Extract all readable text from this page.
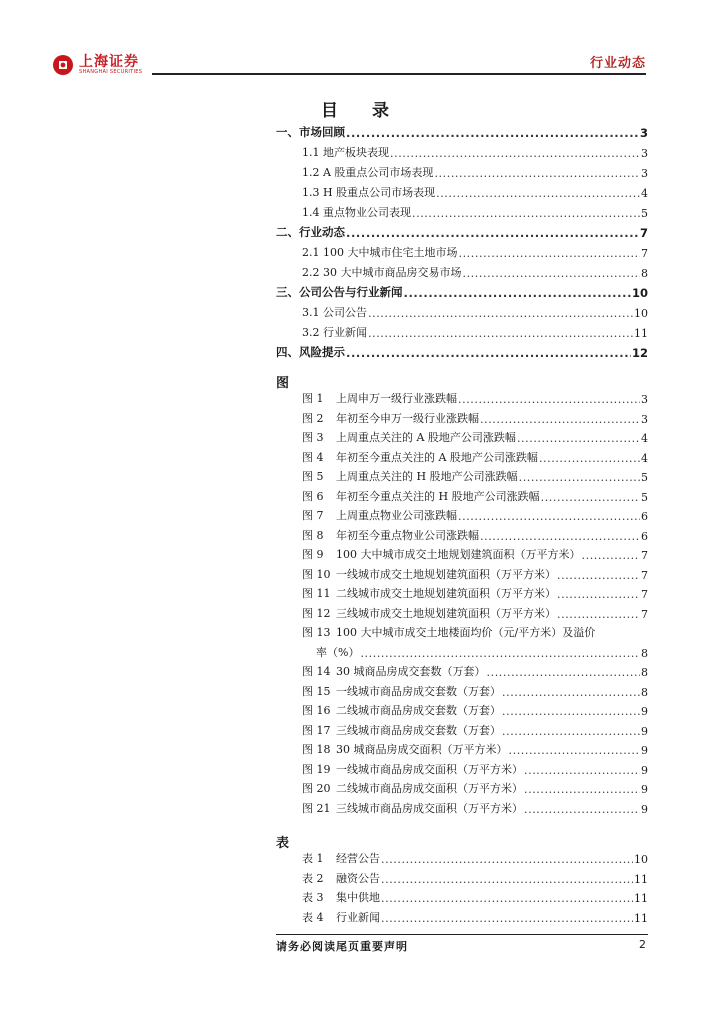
上海证券
SHANGHAI SECURITIES
行业动态
目 录
一、市场回顾 .....	3
1.1 地产板块表现 .....	3
1.2 A 股重点公司市场表现 .....	3
1.3 H 股重点公司市场表现 .....	4
1.4 重点物业公司表现 .....	5
二、行业动态 .....	7
2.1 100 大中城市住宅土地市场 .....	7
2.2 30 大中城市商品房交易市场 .....	8
三、公司公告与行业新闻 .....	10
3.1 公司公告 .....	10
3.2 行业新闻 .....	11
四、风险提示 .....	12
图
图 1 上周申万一级行业涨跌幅 .....	3
图 2 年初至今申万一级行业涨跌幅 .....	3
图 3 上周重点关注的 A 股地产公司涨跌幅 .....	4
图 4 年初至今重点关注的 A 股地产公司涨跌幅 .....	4
图 5 上周重点关注的 H 股地产公司涨跌幅 .....	5
图 6 年初至今重点关注的 H 股地产公司涨跌幅 .....	5
图 7 上周重点物业公司涨跌幅 .....	6
图 8 年初至今重点物业公司涨跌幅 .....	6
图 9 100 大中城市成交土地规划建筑面积（万平方米） .....	7
图 10 一线城市成交土地规划建筑面积（万平方米） .....	7
图 11 二线城市成交土地规划建筑面积（万平方米） .....	7
图 12 三线城市成交土地规划建筑面积（万平方米） .....	7
图 13 100 大中城市成交土地楼面均价（元/平方米）及溢价
率（%） .....	8
图 14 30 城商品房成交套数（万套） .....	8
图 15 一线城市商品房成交套数（万套） .....	8
图 16 二线城市商品房成交套数（万套） .....	9
图 17 三线城市商品房成交套数（万套） .....	9
图 18 30 城商品房成交面积（万平方米） .....	9
图 19 一线城市商品房成交面积（万平方米） .....	9
图 20 二线城市商品房成交面积（万平方米） .....	9
图 21 三线城市商品房成交面积（万平方米） .....	9
表
表 1 经营公告 .....	10
表 2 融资公告 .....	11
表 3 集中供地 .....	11
表 4 行业新闻 .....	11
请务必阅读尾页重要声明	2
